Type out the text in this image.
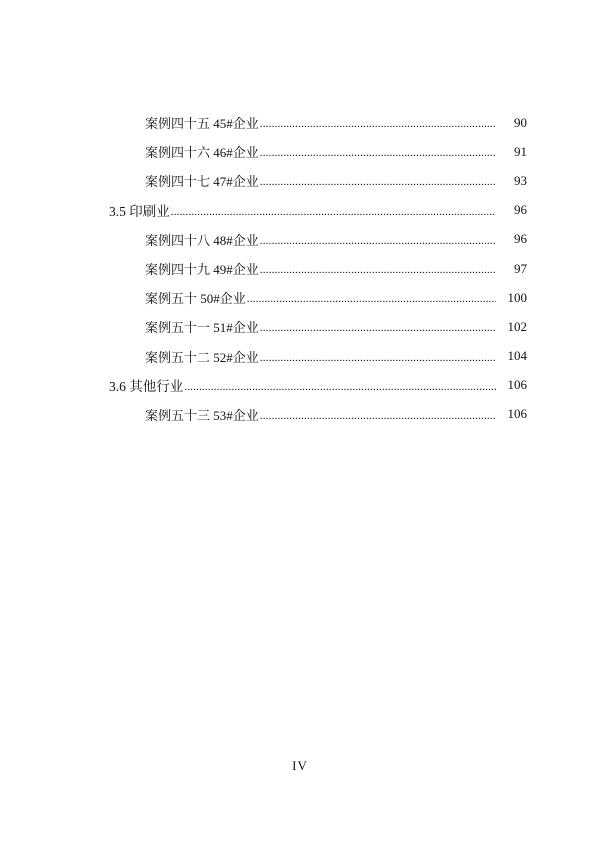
案例四十五 45#企业 .....	90
案例四十六 46#企业 .....	91
案例四十七 47#企业 .....	93
3.5 印刷业 .....	96
案例四十八 48#企业 .....	96
案例四十九 49#企业 .....	97
案例五十 50#企业 .....	100
案例五十一 51#企业 .....	102
案例五十二 52#企业 .....	104
3.6 其他行业 .....	106
案例五十三 53#企业 .....	106
IV
